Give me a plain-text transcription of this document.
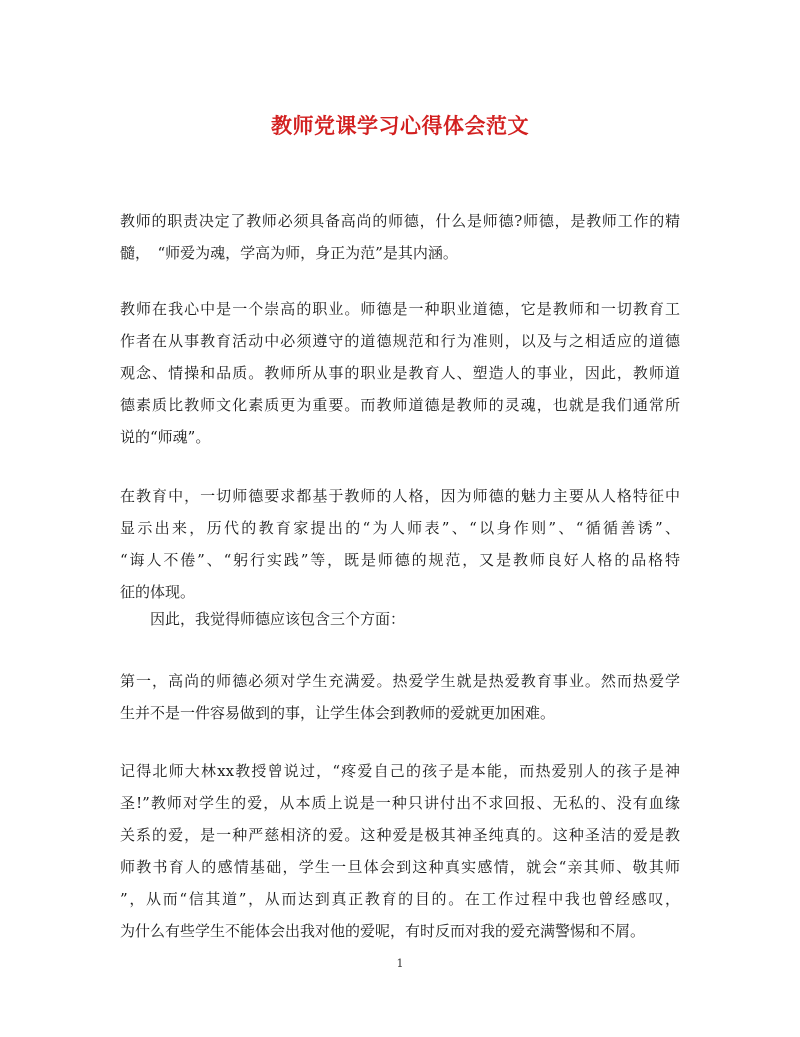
教师党课学习心得体会范文
教师的职责决定了教师必须具备高尚的师德，什么是师德?师德，是教师工作的精
髓，　“师爱为魂，学高为师，身正为范”是其内涵。
教师在我心中是一个崇高的职业。师德是一种职业道德，它是教师和一切教育工
作者在从事教育活动中必须遵守的道德规范和行为准则，以及与之相适应的道德
观念、情操和品质。教师所从事的职业是教育人、塑造人的事业，因此，教师道
德素质比教师文化素质更为重要。而教师道德是教师的灵魂，也就是我们通常所
说的“师魂”。
在教育中，一切师德要求都基于教师的人格，因为师德的魅力主要从人格特征中
显示出来，历代的教育家提出的“为人师表”、“以身作则”、“循循善诱”、
“诲人不倦”、“躬行实践”等，既是师德的规范，又是教师良好人格的品格特
征的体现。
因此，我觉得师德应该包含三个方面：
第一，高尚的师德必须对学生充满爱。热爱学生就是热爱教育事业。然而热爱学
生并不是一件容易做到的事，让学生体会到教师的爱就更加困难。
记得北师大林xx教授曾说过，“疼爱自己的孩子是本能，而热爱别人的孩子是神
圣!”教师对学生的爱，从本质上说是一种只讲付出不求回报、无私的、没有血缘
关系的爱，是一种严慈相济的爱。这种爱是极其神圣纯真的。这种圣洁的爱是教
师教书育人的感情基础，学生一旦体会到这种真实感情，就会“亲其师、敬其师
”，从而“信其道”，从而达到真正教育的目的。在工作过程中我也曾经感叹，
为什么有些学生不能体会出我对他的爱呢，有时反而对我的爱充满警惕和不屑。
1
